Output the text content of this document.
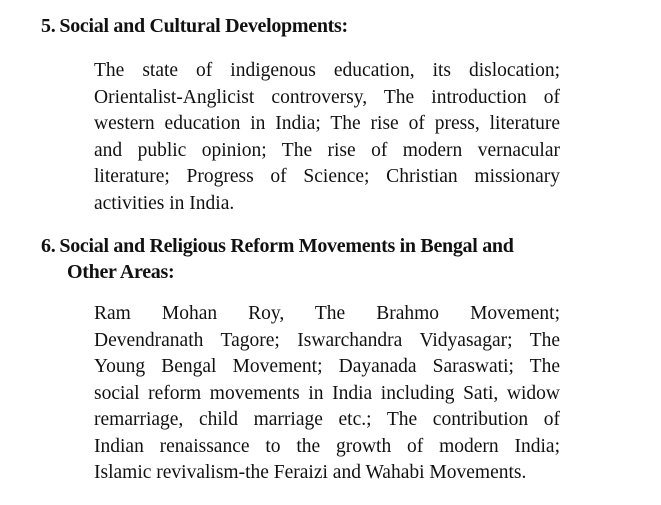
5. Social and Cultural Developments:
The state of indigenous education, its dislocation;
Orientalist-Anglicist controversy, The introduction of
western education in India; The rise of press, literature
and public opinion; The rise of modern vernacular
literature; Progress of Science; Christian missionary
activities in India.
6. Social and Religious Reform Movements in Bengal and
Other Areas:
Ram Mohan Roy, The Brahmo Movement;
Devendranath Tagore; Iswarchandra Vidyasagar; The
Young Bengal Movement; Dayanada Saraswati; The
social reform movements in India including Sati, widow
remarriage, child marriage etc.; The contribution of
Indian renaissance to the growth of modern India;
Islamic revivalism-the Feraizi and Wahabi Movements.
